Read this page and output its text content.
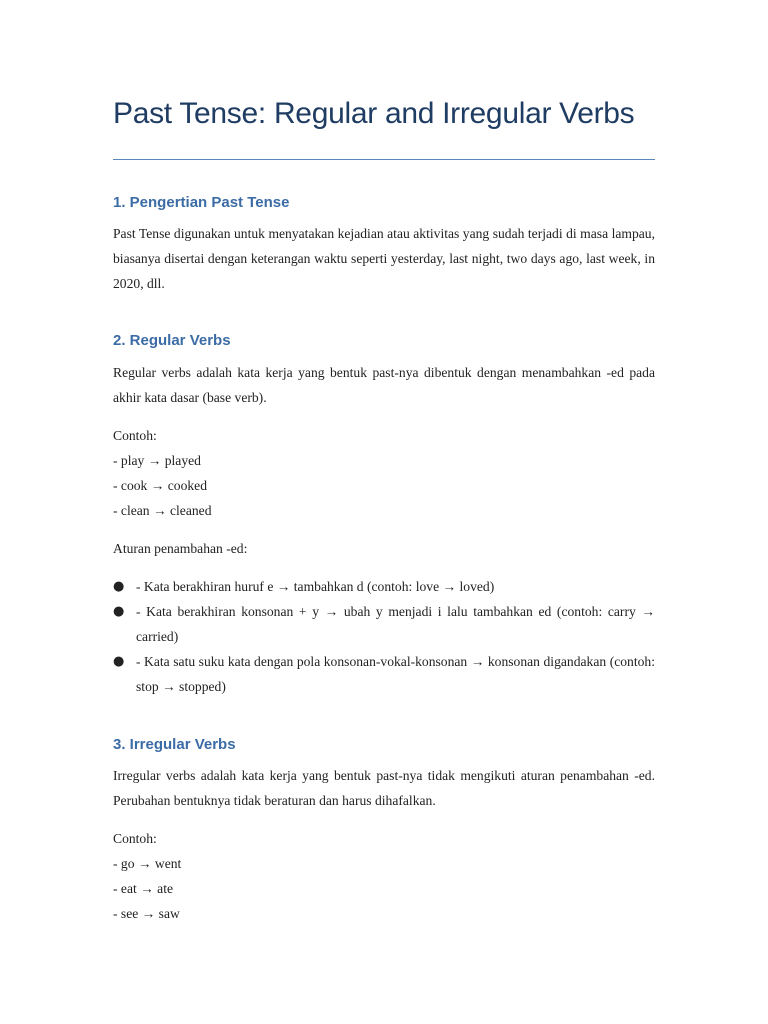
Past Tense: Regular and Irregular Verbs
1. Pengertian Past Tense

Past Tense digunakan untuk menyatakan kejadian atau aktivitas yang sudah terjadi di masa lampau, biasanya disertai dengan keterangan waktu seperti yesterday, last night, two days ago, last week, in 2020, dll.

2. Regular Verbs

Regular verbs adalah kata kerja yang bentuk past-nya dibentuk dengan menambahkan -ed pada akhir kata dasar (base verb).

Contoh:

- play → played

- cook → cooked

- clean → cleaned

Aturan penambahan -ed:

● - Kata berakhiran huruf e → tambahkan d (contoh: love → loved)

● - Kata berakhiran konsonan + y → ubah y menjadi i lalu tambahkan ed (contoh: carry → carried)

● - Kata satu suku kata dengan pola konsonan-vokal-konsonan → konsonan digandakan (contoh: stop → stopped)

3. Irregular Verbs

Irregular verbs adalah kata kerja yang bentuk past-nya tidak mengikuti aturan penambahan -ed. Perubahan bentuknya tidak beraturan dan harus dihafalkan.

Contoh:

- go → went

- eat → ate

- see → saw
